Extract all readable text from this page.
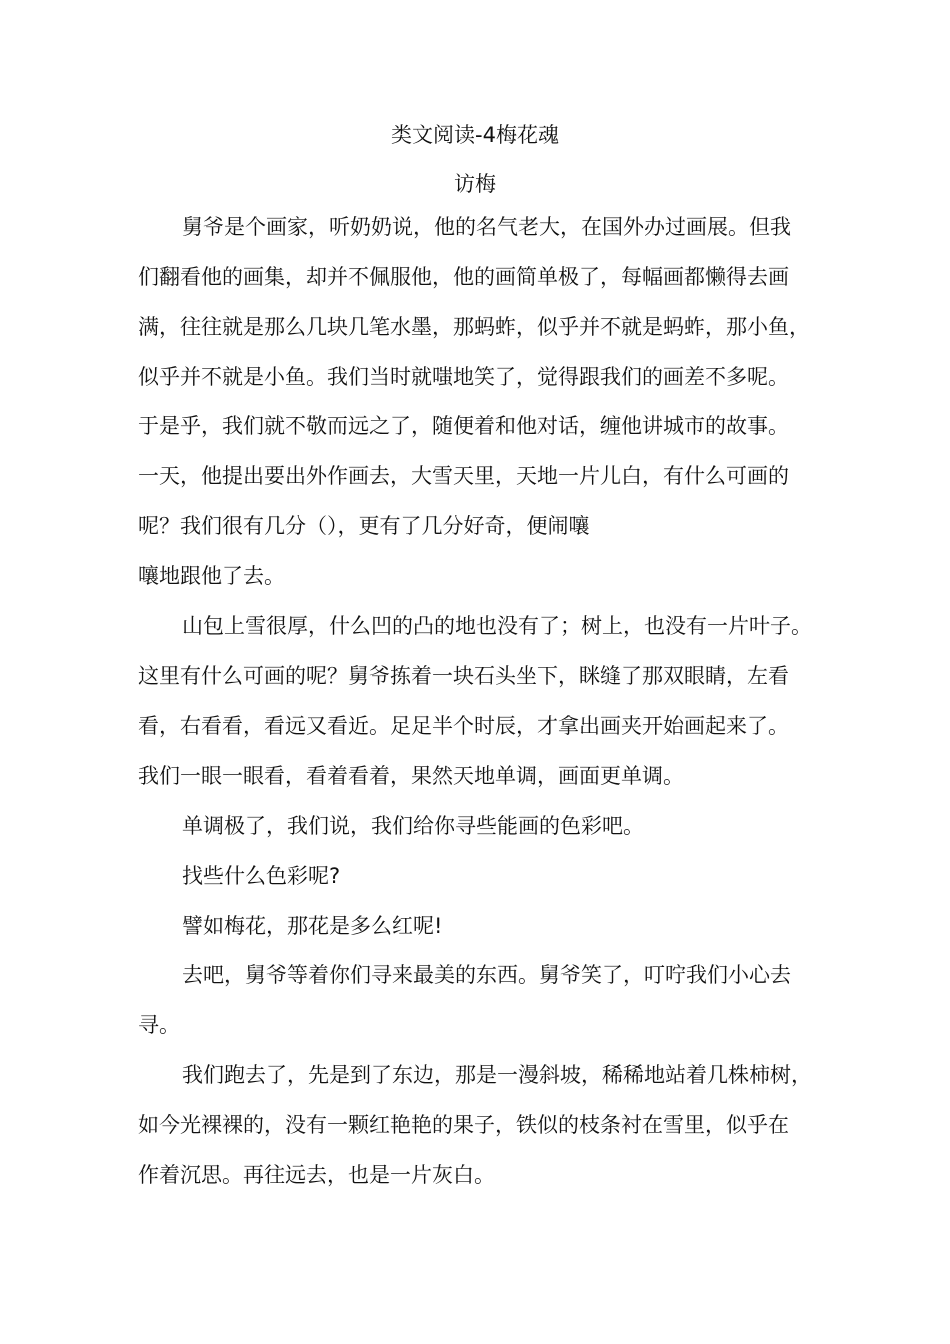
类文阅读-4梅花魂
访梅
舅爷是个画家，听奶奶说，他的名气老大，在国外办过画展。但我
们翻看他的画集，却并不佩服他，他的画简单极了，每幅画都懒得去画
满，往往就是那么几块几笔水墨，那蚂蚱，似乎并不就是蚂蚱，那小鱼，
似乎并不就是小鱼。我们当时就嗤地笑了，觉得跟我们的画差不多呢。
于是乎，我们就不敬而远之了，随便着和他对话，缠他讲城市的故事。
一天，他提出要出外作画去，大雪天里，天地一片儿白，有什么可画的
呢？我们很有几分（），更有了几分好奇，便闹嚷
嚷地跟他了去。
山包上雪很厚，什么凹的凸的地也没有了；树上，也没有一片叶子。
这里有什么可画的呢？舅爷拣着一块石头坐下，眯缝了那双眼睛，左看
看，右看看，看远又看近。足足半个时辰，才拿出画夹开始画起来了。
我们一眼一眼看，看着看着，果然天地单调，画面更单调。
单调极了，我们说，我们给你寻些能画的色彩吧。
找些什么色彩呢?
譬如梅花，那花是多么红呢!
去吧，舅爷等着你们寻来最美的东西。舅爷笑了，叮咛我们小心去
寻。
我们跑去了，先是到了东边，那是一漫斜坡，稀稀地站着几株柿树，
如今光裸裸的，没有一颗红艳艳的果子，铁似的枝条衬在雪里，似乎在
作着沉思。再往远去，也是一片灰白。
